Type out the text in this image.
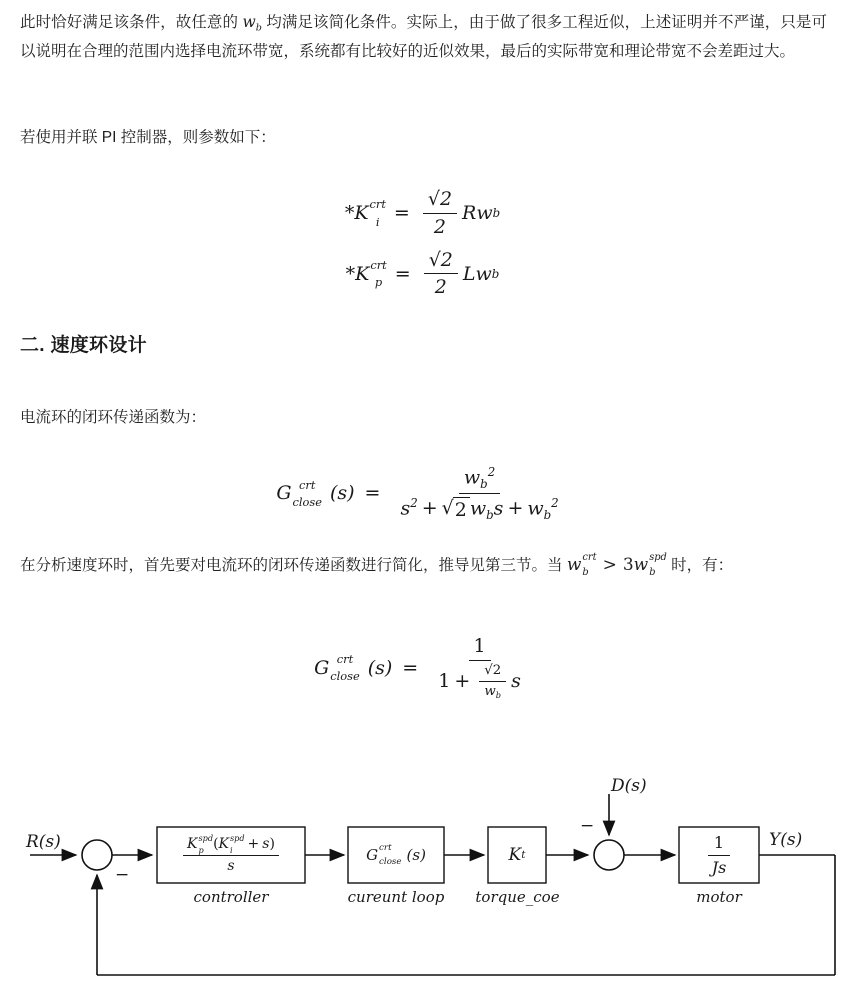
此时恰好满足该条件，故任意的 $w_b$ 均满足该简化条件。实际上，由于做了很多工程近似，上述证明并不严谨，只是可以说明在合理的范围内选择电流环带宽，系统都有比较好的近似效果，最后的实际带宽和理论带宽不会差距过大。
若使用并联 PI 控制器，则参数如下：
* K crt
$i = \frac{√2}{2}$ Rw b
* K crt
$p = \frac{√2}{2}$ Lw b
二. 速度环设计
电流环的闭环传递函数为：
G crt
close $(s) = \frac{w_b^2}{s^2 + √ 2 w_bs + w_b^2}$
在分析速度环时，首先要对电流环的闭环传递函数进行简化，推导见第三节。当 w crt
b > 3w spd
b 时，有：
G crt
close $(s) = \frac{1}{1 + \frac{√2}{w_b} s}$
R(s)	Y(s)
D(s)
−
−
K spd
p (K spd
i	+ s)
s
controller
G crt
close (s)
cureunt loop
K t
torque_coe
$\frac{1}{Js}$
motor
